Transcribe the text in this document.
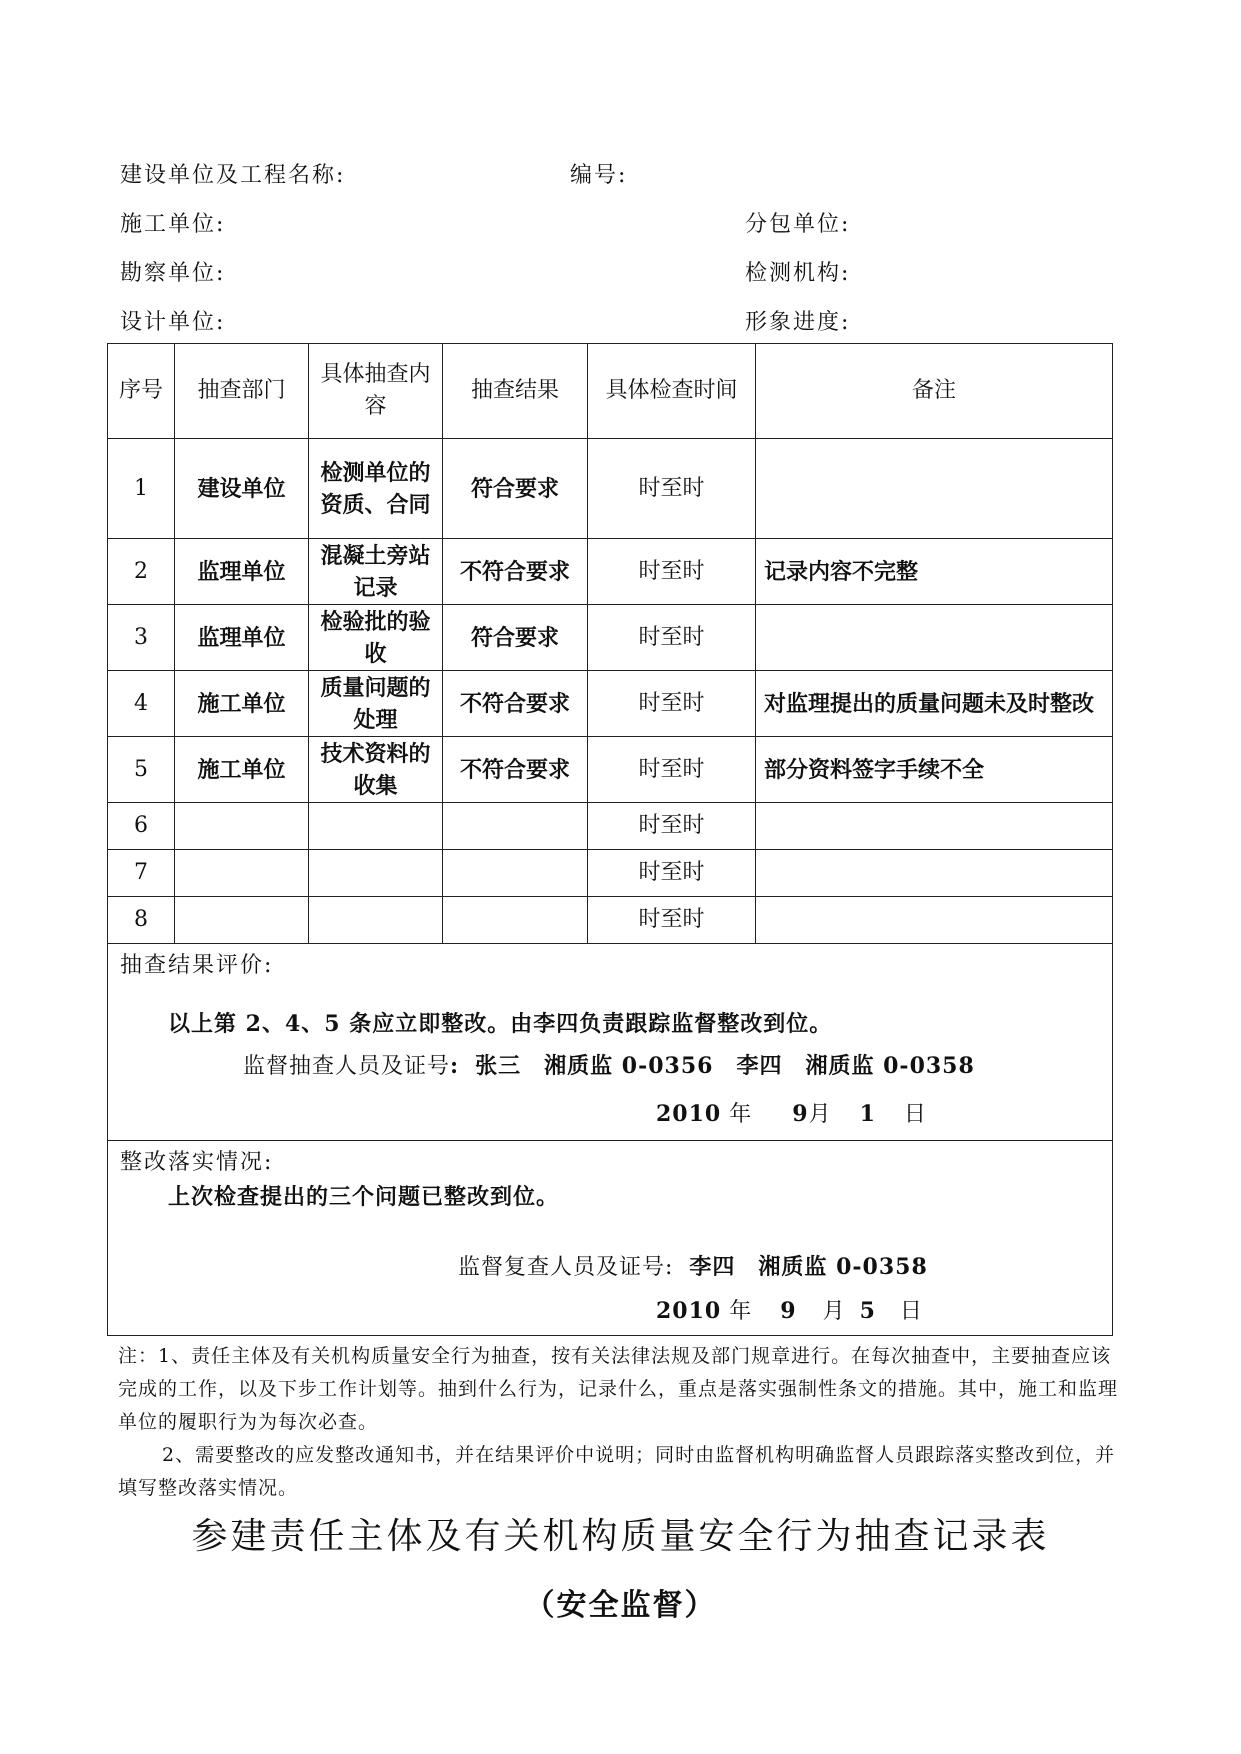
建设单位及工程名称:	编号:
施工单位:	分包单位:
勘察单位:	检测机构:
设计单位:	形象进度:
序号	抽查部门	具体抽查内容	抽查结果	具体检查时间	备注
1	建设单位	检测单位的资质、合同	符合要求	时至时	
2	监理单位	混凝土旁站记录	不符合要求	时至时	记录内容不完整
3	监理单位	检验批的验收	符合要求	时至时	
4	施工单位	质量问题的处理	不符合要求	时至时	对监理提出的质量问题未及时整改
5	施工单位	技术资料的收集	不符合要求	时至时	部分资料签字手续不全
6				时至时	
7				时至时	
8				时至时	

抽查结果评价:
以上第 2、4、5 条应立即整改。由李四负责跟踪监督整改到位。
监督抽查人员及证号: 张三　湘质监 0-0356　李四　湘质监 0-0358
2010 年 9月 1 日					

整改落实情况:
上次检查提出的三个问题已整改到位。
监督复查人员及证号: 李四　湘质监 0-0358
2010 年 9 月 5 日					

注：1、责任主体及有关机构质量安全行为抽查，按有关法律法规及部门规章进行。在每次抽查中，主要抽查应该完成的工作，以及下步工作计划等。抽到什么行为，记录什么，重点是落实强制性条文的措施。其中，施工和监理单位的履职行为为每次必查。

2、需要整改的应发整改通知书，并在结果评价中说明；同时由监督机构明确监督人员跟踪落实整改到位，并填写整改落实情况。

参建责任主体及有关机构质量安全行为抽查记录表
（安全监督）
